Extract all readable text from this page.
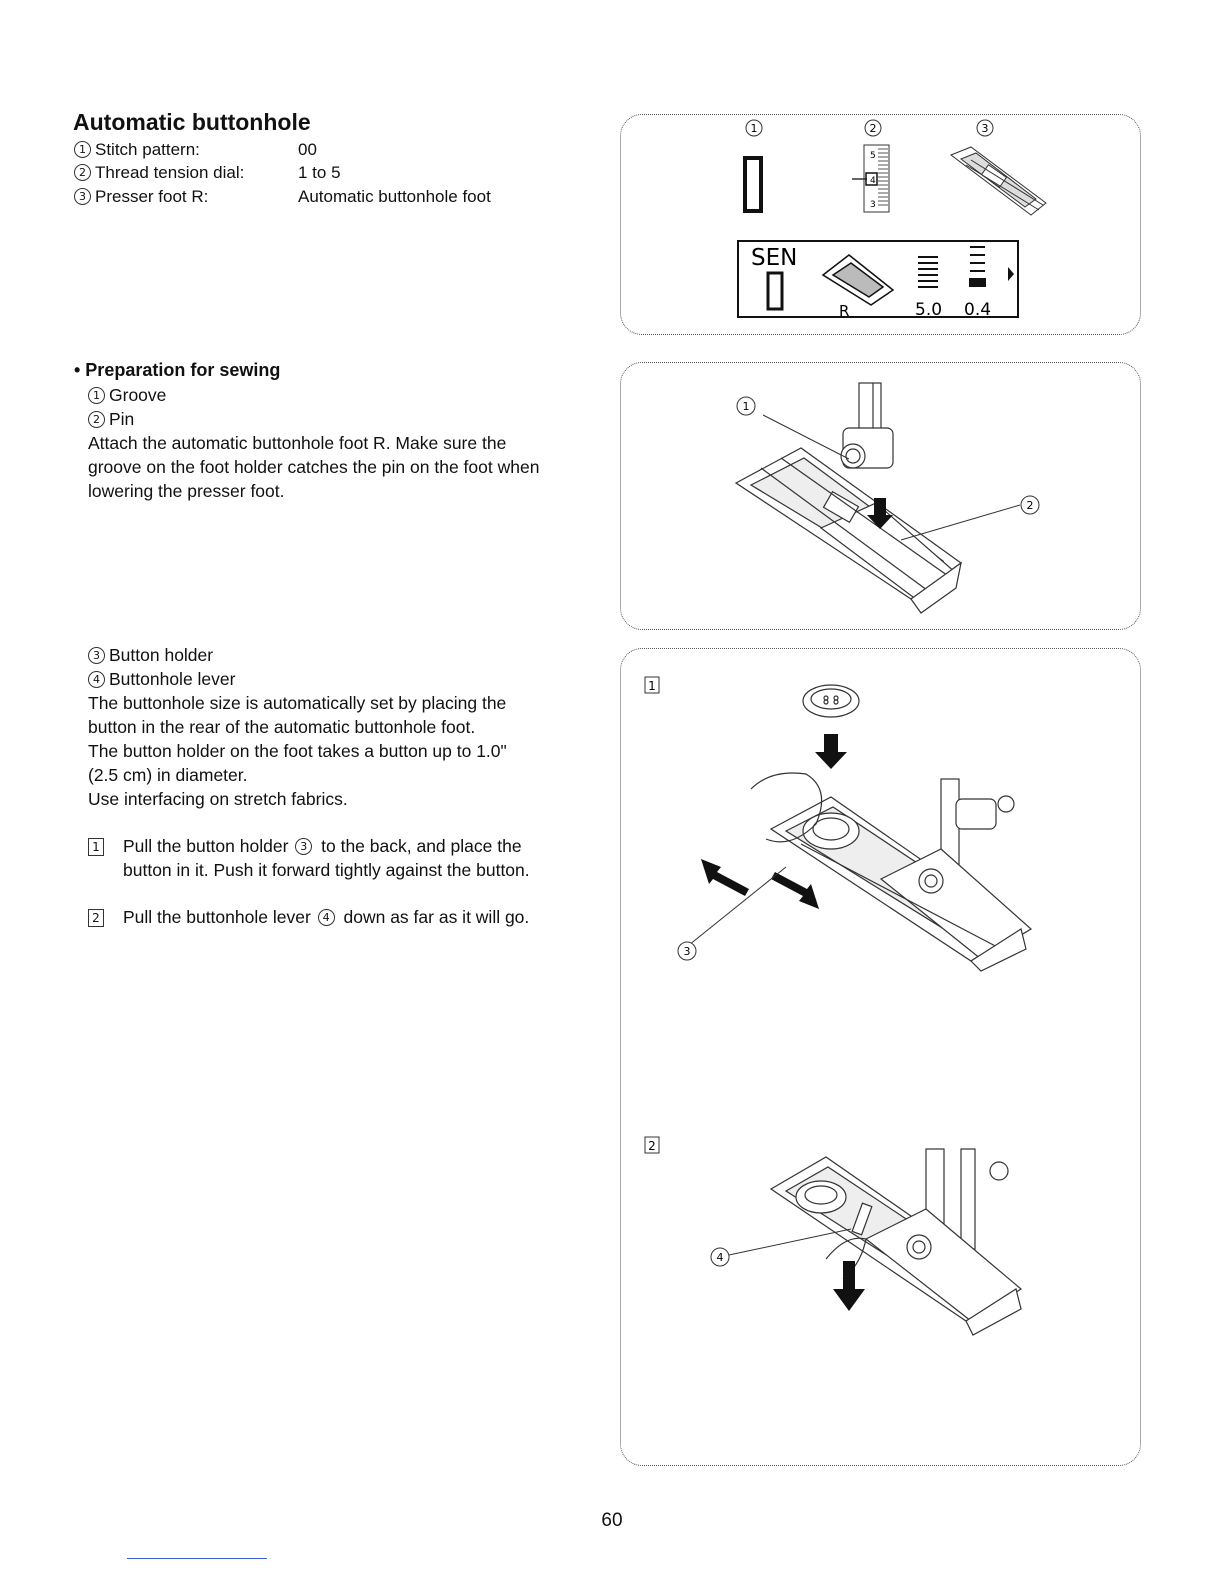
Automatic buttonhole
1 Stitch pattern:	00
2 Thread tension dial:	1 to 5
3 Presser foot R:	Automatic buttonhole foot
• Preparation for sewing
1 Groove
2 Pin
Attach the automatic buttonhole foot R. Make sure the
groove on the foot holder catches the pin on the foot when
lowering the presser foot.
3 Button holder
4 Buttonhole lever
The buttonhole size is automatically set by placing the
button in the rear of the automatic buttonhole foot.
The button holder on the foot takes a button up to 1.0"
(2.5 cm) in diameter.
Use interfacing on stretch fabrics.
1 Pull the button holder 3 to the back, and place the
button in it. Push it forward tightly against the button.
2 Pull the buttonhole lever 4 down as far as it will go.
1	2	3
5
4
3
SEN
R	5.0 0.4
1
2
1
3
2
4
60
